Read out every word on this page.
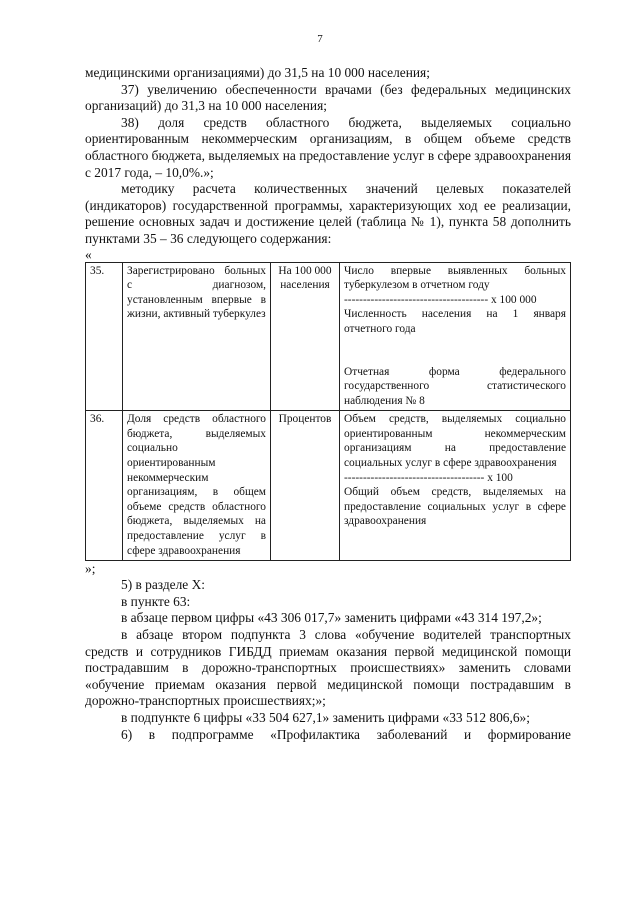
7

медицинскими организациями) до 31,5 на 10 000 населения;

37) увеличению обеспеченности врачами (без федеральных медицинских организаций) до 31,3 на 10 000 населения;

38) доля средств областного бюджета, выделяемых социально ориентированным некоммерческим организациям, в общем объеме средств областного бюджета, выделяемых на предоставление услуг в сфере здравоохранения с 2017 года, – 10,0%.»;

методику расчета количественных значений целевых показателей (индикаторов) государственной программы, характеризующих ход ее реализации, решение основных задач и достижение целей (таблица № 1), пункта 58 дополнить пунктами 35 – 36 следующего содержания:

«

35.	Зарегистрировано больных с диагнозом, установленным впервые в жизни, активный туберкулез	На 100 000 населения	Число впервые выявленных больных туберкулезом в отчетном году
-------------------------------------- х 100 000
Численность населения на 1 января отчетного года
Отчетная форма федерального государственного статистического наблюдения № 8

36.	Доля средств областного бюджета, выделяемых социально ориентированным некоммерческим организациям, в общем объеме средств областного бюджета, выделяемых на предоставление услуг в сфере здравоохранения	Процентов	Объем средств, выделяемых социально ориентированным некоммерческим организациям на предоставление социальных услуг в сфере здравоохранения
------------------------------------- х 100
Общий объем средств, выделяемых на предоставление социальных услуг в сфере здравоохранения

»;

5) в разделе X:

в пункте 63:

в абзаце первом цифры «43 306 017,7» заменить цифрами «43 314 197,2»;

в абзаце втором подпункта 3 слова «обучение водителей транспортных средств и сотрудников ГИБДД приемам оказания первой медицинской помощи пострадавшим в дорожно-транспортных происшествиях» заменить словами «обучение приемам оказания первой медицинской помощи пострадавшим в дорожно-транспортных происшествиях;»;

в подпункте 6 цифры «33 504 627,1» заменить цифрами «33 512 806,6»;

6) в подпрограмме «Профилактика заболеваний и формирование
